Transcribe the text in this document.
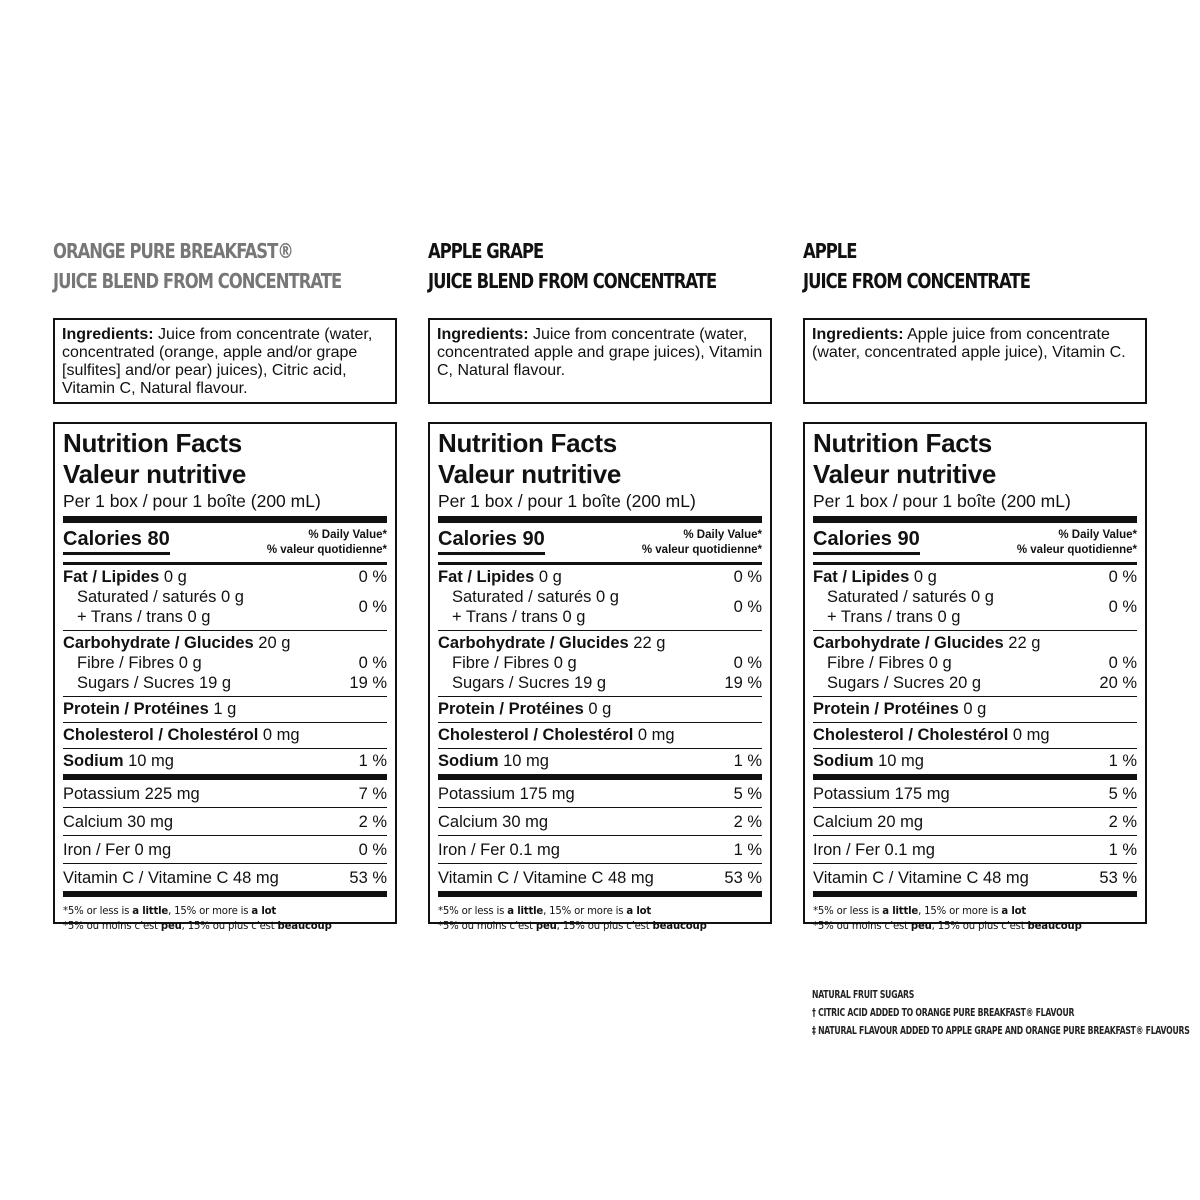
ORANGE PURE BREAKFAST®
JUICE BLEND FROM CONCENTRATE
Ingredients: Juice from concentrate (water, concentrated (orange, apple and/or grape [sulfites] and/or pear) juices), Citric acid, Vitamin C, Natural flavour.
Nutrition Facts
Valeur nutritive
Per 1 box / pour 1 boîte (200 mL)
Calories 80	% Daily Value*
% valeur quotidienne*
Fat / Lipides 0 g	0 %
Saturated / saturés 0 g
+ Trans / trans 0 g
0 %
Carbohydrate / Glucides 20 g
Fibre / Fibres 0 g	0 %
Sugars / Sucres 19 g	19 %
Protein / Protéines 1 g
Cholesterol / Cholestérol 0 mg
Sodium 10 mg	1 %
Potassium 225 mg	7 %
Calcium 30 mg	2 %
Iron / Fer 0 mg	0 %
Vitamin C / Vitamine C 48 mg	53 %
*5% or less is a little, 15% or more is a lot
*5% ou moins c’est peu, 15% ou plus c’est beaucoup
APPLE GRAPE
JUICE BLEND FROM CONCENTRATE
Ingredients: Juice from concentrate (water, concentrated apple and grape juices), Vitamin C, Natural flavour.
Nutrition Facts
Valeur nutritive
Per 1 box / pour 1 boîte (200 mL)
Calories 90	% Daily Value*
% valeur quotidienne*
Fat / Lipides 0 g	0 %
Saturated / saturés 0 g
+ Trans / trans 0 g
0 %
Carbohydrate / Glucides 22 g
Fibre / Fibres 0 g	0 %
Sugars / Sucres 19 g	19 %
Protein / Protéines 0 g
Cholesterol / Cholestérol 0 mg
Sodium 10 mg	1 %
Potassium 175 mg	5 %
Calcium 30 mg	2 %
Iron / Fer 0.1 mg	1 %
Vitamin C / Vitamine C 48 mg	53 %
*5% or less is a little, 15% or more is a lot
*5% ou moins c’est peu, 15% ou plus c’est beaucoup
APPLE
JUICE FROM CONCENTRATE
Ingredients: Apple juice from concentrate (water, concentrated apple juice), Vitamin C.
Nutrition Facts
Valeur nutritive
Per 1 box / pour 1 boîte (200 mL)
Calories 90	% Daily Value*
% valeur quotidienne*
Fat / Lipides 0 g	0 %
Saturated / saturés 0 g
+ Trans / trans 0 g
0 %
Carbohydrate / Glucides 22 g
Fibre / Fibres 0 g	0 %
Sugars / Sucres 20 g	20 %
Protein / Protéines 0 g
Cholesterol / Cholestérol 0 mg
Sodium 10 mg	1 %
Potassium 175 mg	5 %
Calcium 20 mg	2 %
Iron / Fer 0.1 mg	1 %
Vitamin C / Vitamine C 48 mg	53 %
*5% or less is a little, 15% or more is a lot
*5% ou moins c’est peu, 15% ou plus c’est beaucoup
NATURAL FRUIT SUGARS
† CITRIC ACID ADDED TO ORANGE PURE BREAKFAST® FLAVOUR
‡ NATURAL FLAVOUR ADDED TO APPLE GRAPE AND ORANGE PURE BREAKFAST® FLAVOURS
